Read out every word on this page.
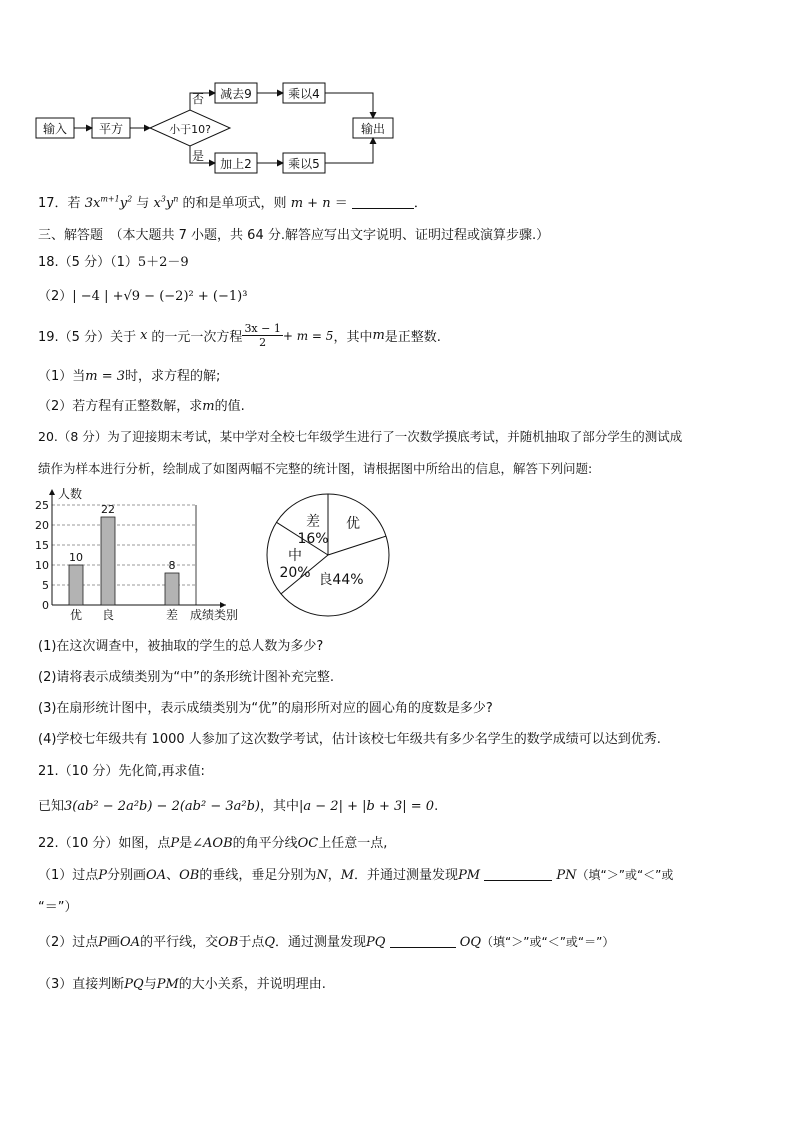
输入	平方	小于10?
否
是
减去9	乘以4
加上2	乘以5
输出
17．若 $3x^{m+1}y^2$ 与 $x^3y^n$ 的和是单项式，则 m + n ＝	．
三、解答题　（本大题共 7 小题，共 64 分.解答应写出文字说明、证明过程或演算步骤.）
18.（5 分）（1）5＋2－9
（2）| −4 | +√9 − (−2)² + (−1)³
19.（5 分）关于 x 的一元一次方程 $\frac{3x - 1}{2} + m = 5$ ，其中 m 是正整数.
（1）当m = 3时，求方程的解;
（2）若方程有正整数解，求m的值.
20.（8 分）为了迎接期末考试，某中学对全校七年级学生进行了一次数学摸底考试，并随机抽取了部分学生的测试成
绩作为样本进行分析，绘制成了如图两幅不完整的统计图，请根据图中所给出的信息，解答下列问题:
0
5
10
15
20
25
人数
成绩类别
10
优
22
良
8
差
优
良44%
中 20%
差 16%
(1)在这次调查中，被抽取的学生的总人数为多少?
(2)请将表示成绩类别为“中”的条形统计图补充完整.
(3)在扇形统计图中，表示成绩类别为“优”的扇形所对应的圆心角的度数是多少?
(4)学校七年级共有 1000 人参加了这次数学考试，估计该校七年级共有多少名学生的数学成绩可以达到优秀.
21.（10 分）先化简,再求值:
已知3(ab² − 2a²b) − 2(ab² − 3a²b)，其中|a − 2| + |b + 3| = 0.
22.（10 分）如图，点P是∠AOB的角平分线OC上任意一点,
（1）过点P分别画OA、OB的垂线，垂足分别为N，M．并通过测量发现PM	PN（填“＞”或“＜”或
“＝”）
（2）过点P画OA的平行线，交OB于点Q．通过测量发现PQ	OQ（填“＞”或“＜”或“＝”）
（3）直接判断PQ与PM的大小关系，并说明理由.
